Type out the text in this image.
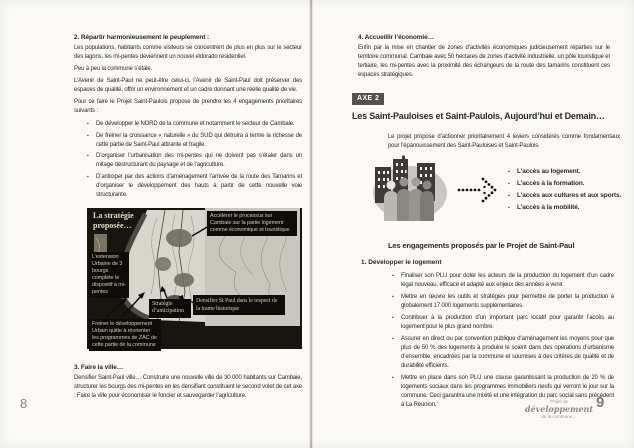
2. Répartir harmonieusement le peuplement :

Les populations, habitants comme visiteurs se concentrent de plus en plus sur le secteur des lagons, les mi-pentes deviennent un nouvel eldorado résidentiel.

Peu à peu la commune s’étale.

L’Avenir de Saint-Paul ne peut-être celui-ci. l’Avenir de Saint-Paul doit préserver des espaces de qualité, offrir un environnement et un cadre donnant une réelle qualité de vie.

Pour ce faire le Projet Saint-Paulois propose de prendre les 4 engagements prioritaires suivants :

▪	De développer le NORD de la commune et notamment le secteur de Cambaie.
▪	De freiner la croissance « naturelle » du SUD qui détruira à terme la richesse de cette partie de Saint-Paul attirante et fragile.
▪	D’organiser l’urbanisation des mi-pentes qui ne doivent pas s’étaler dans un mitage déstructurant du paysage et de l’agriculture.
▪	D’anticiper par des actions d’aménagement l’arrivée de la route des Tamarins et d’organiser le développement des hauts à partir de cette nouvelle voie structurante.
La stratégie proposée…
Accélérer le processus sur Cambaie sur la partie logement comme économique et touristique
L’extension Urbaine de 3 bourgs complète le dispositif à mi-pentes
Stratégie d’anticipation
Densifier St Paul dans le respect de la trame historique
Freiner le développement Urbain quitte à réorienter les programmes de ZAC de cette partie de la commune
3. Faire la ville…

Densifier Saint-Paul ville… Construire une nouvelle ville de 30 000 habitants sur Cambaie, structurer les bourgs des mi-pentes en les densifiant constituent le second volet de cet axe : Faire la ville pour économiser le foncier et sauvegarder l’agriculture.

4. Accueillir l’économie…

Enfin par la mise en chantier de zones d’activités économiques judicieusement réparties sur le territoire communal. Cambaie avec 50 hectares de zones d’activité industrielle, un pôle touristique et tertiaire, les mi-pentes avec la proximité des échangeurs de la route des tamarins constituent ces espaces stratégiques.

AXE 2
Les Saint-Pauloises et Saint-Paulois, Aujourd’hui et Demain…

Le projet propose d’actionner prioritairement 4 leviers considérés comme fondamentaux pour l’épanouissement des Saint-Pauloises et Saint-Paulois.

▪	L’accès au logement.
▪	L’accès à la formation.
▪	L’accès aux cultures et aux sports.
▪	L’accès à la mobilité.
Les engagements proposés par le Projet de Saint-Paul
1. Développer le logement
▪	Finaliser son PLU pour doter les acteurs de la production du logement d’un cadre légal nouveau, efficace et adapté aux enjeux des années à venir.
▪	Mettre en œuvre les outils et stratégies pour permettre de porter la production à globalement 17 000 logements supplémentaires.
▪	Contribuer à la production d’un important parc locatif pour garantir l’accès au logement pour le plus grand nombre.
▪	Assurer en direct ou par convention publique d’aménagement les moyens pour que plus de 50 % des logements à produire le soient dans des opérations d’urbanisme d’ensemble, encadrées par la commune et soumises à des critères de qualité et de durabilité efficients.
▪	Mettre en place dans son PLU une clause garantissant la production de 20 % de logements sociaux dans les programmes immobiliers neufs qui verront le jour sur la commune. Ceci garantira une mixité et une intégration du parc social sans précédent à La Réunion.
8	Projet de
développement
de la commune…
9
